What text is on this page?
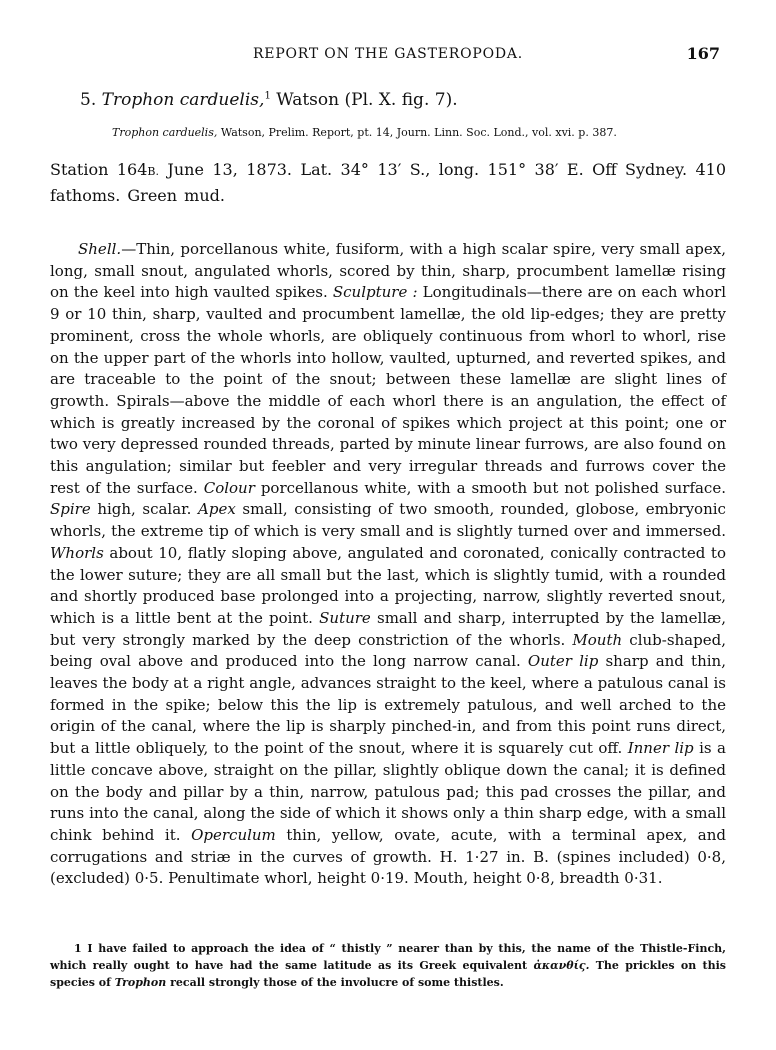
REPORT ON THE GASTEROPODA.	167
5. Trophon carduelis,$^1$ Watson (Pl. X. fig. 7).
Trophon carduelis, Watson, Prelim. Report, pt. 14, Journ. Linn. Soc. Lond., vol. xvi. p. 387.
Station 164B. June 13, 1873. Lat. 34° 13′ S., long. 151° 38′ E. Off Sydney. 410 fathoms. Green mud.

Shell.—Thin, porcellanous white, fusiform, with a high scalar spire, very small apex, long, small snout, angulated whorls, scored by thin, sharp, procumbent lamellæ rising on the keel into high vaulted spikes. Sculpture : Longitudinals—there are on each whorl 9 or 10 thin, sharp, vaulted and procumbent lamellæ, the old lip-edges; they are pretty prominent, cross the whole whorls, are obliquely continuous from whorl to whorl, rise on the upper part of the whorls into hollow, vaulted, upturned, and reverted spikes, and are traceable to the point of the snout; between these lamellæ are slight lines of growth. Spirals—above the middle of each whorl there is an angulation, the effect of which is greatly increased by the coronal of spikes which project at this point; one or two very depressed rounded threads, parted by minute linear furrows, are also found on this angulation; similar but feebler and very irregular threads and furrows cover the rest of the surface. Colour porcellanous white, with a smooth but not polished surface. Spire high, scalar. Apex small, consisting of two smooth, rounded, globose, embryonic whorls, the extreme tip of which is very small and is slightly turned over and immersed. Whorls about 10, flatly sloping above, angulated and coronated, conically contracted to the lower suture; they are all small but the last, which is slightly tumid, with a rounded and shortly produced base prolonged into a projecting, narrow, slightly reverted snout, which is a little bent at the point. Suture small and sharp, interrupted by the lamellæ, but very strongly marked by the deep constriction of the whorls. Mouth club-shaped, being oval above and produced into the long narrow canal. Outer lip sharp and thin, leaves the body at a right angle, advances straight to the keel, where a patulous canal is formed in the spike; below this the lip is extremely patulous, and well arched to the origin of the canal, where the lip is sharply pinched-in, and from this point runs direct, but a little obliquely, to the point of the snout, where it is squarely cut off. Inner lip is a little concave above, straight on the pillar, slightly oblique down the canal; it is defined on the body and pillar by a thin, narrow, patulous pad; this pad crosses the pillar, and runs into the canal, along the side of which it shows only a thin sharp edge, with a small chink behind it. Operculum thin, yellow, ovate, acute, with a terminal apex, and corrugations and striæ in the curves of growth. H. 1·27 in. B. (spines included) 0·8, (excluded) 0·5. Penultimate whorl, height 0·19. Mouth, height 0·8, breadth 0·31.

1 I have failed to approach the idea of “ thistly ” nearer than by this, the name of the Thistle-Finch, which really ought to have had the same latitude as its Greek equivalent ἀκανθίς. The prickles on this species of Trophon recall strongly those of the involucre of some thistles.
